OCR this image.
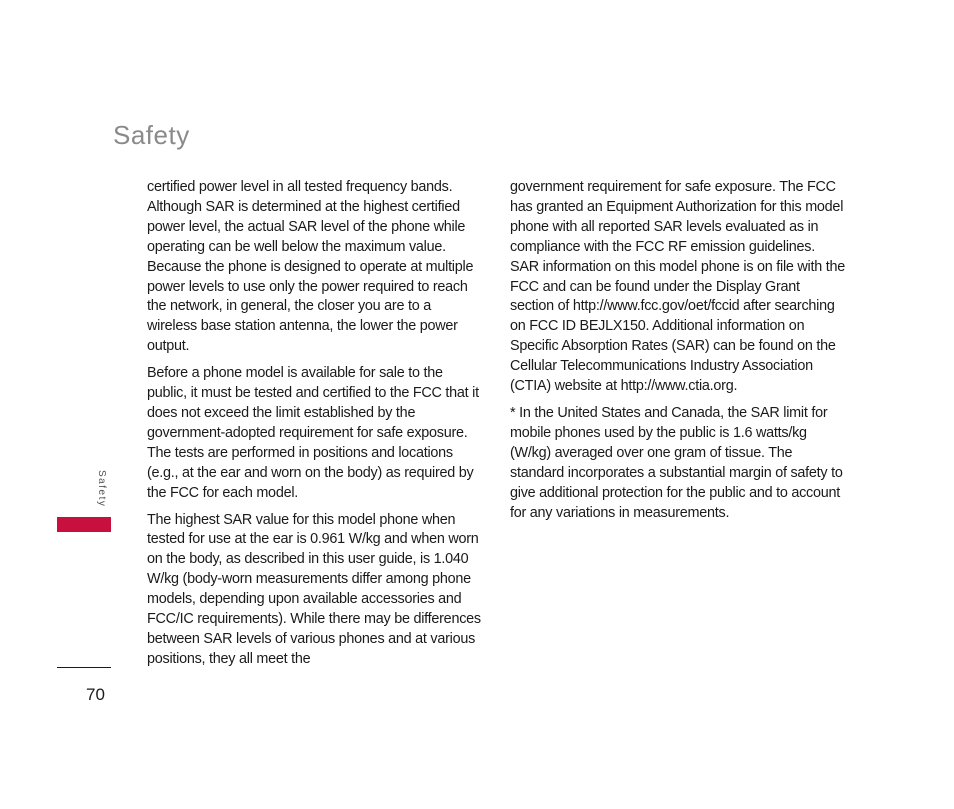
Safety

certified power level in all tested frequency bands. Although SAR is determined at the highest certified power level, the actual SAR level of the phone while operating can be well below the maximum value. Because the phone is designed to operate at multiple power levels to use only the power required to reach the network, in general, the closer you are to a wireless base station antenna, the lower the power output.

Before a phone model is available for sale to the public, it must be tested and certified to the FCC that it does not exceed the limit established by the government-adopted requirement for safe exposure. The tests are performed in positions and locations (e.g., at the ear and worn on the body) as required by the FCC for each model.

The highest SAR value for this model phone when tested for use at the ear is 0.961 W/kg and when worn on the body, as described in this user guide, is 1.040 W/kg (body-worn measurements differ among phone models, depending upon available accessories and FCC/IC requirements). While there may be differences between SAR levels of various phones and at various positions, they all meet the

government requirement for safe exposure. The FCC has granted an Equipment Authorization for this model phone with all reported SAR levels evaluated as in compliance with the FCC RF emission guidelines. SAR information on this model phone is on file with the FCC and can be found under the Display Grant section of http://www.fcc.gov/oet/fccid after searching on FCC ID BEJLX150. Additional information on Specific Absorption Rates (SAR) can be found on the Cellular Telecommunications Industry Association (CTIA) website at http://www.ctia.org.

* In the United States and Canada, the SAR limit for mobile phones used by the public is 1.6 watts/kg (W/kg) averaged over one gram of tissue. The standard incorporates a substantial margin of safety to give additional protection for the public and to account for any variations in measurements.

Safety
70
